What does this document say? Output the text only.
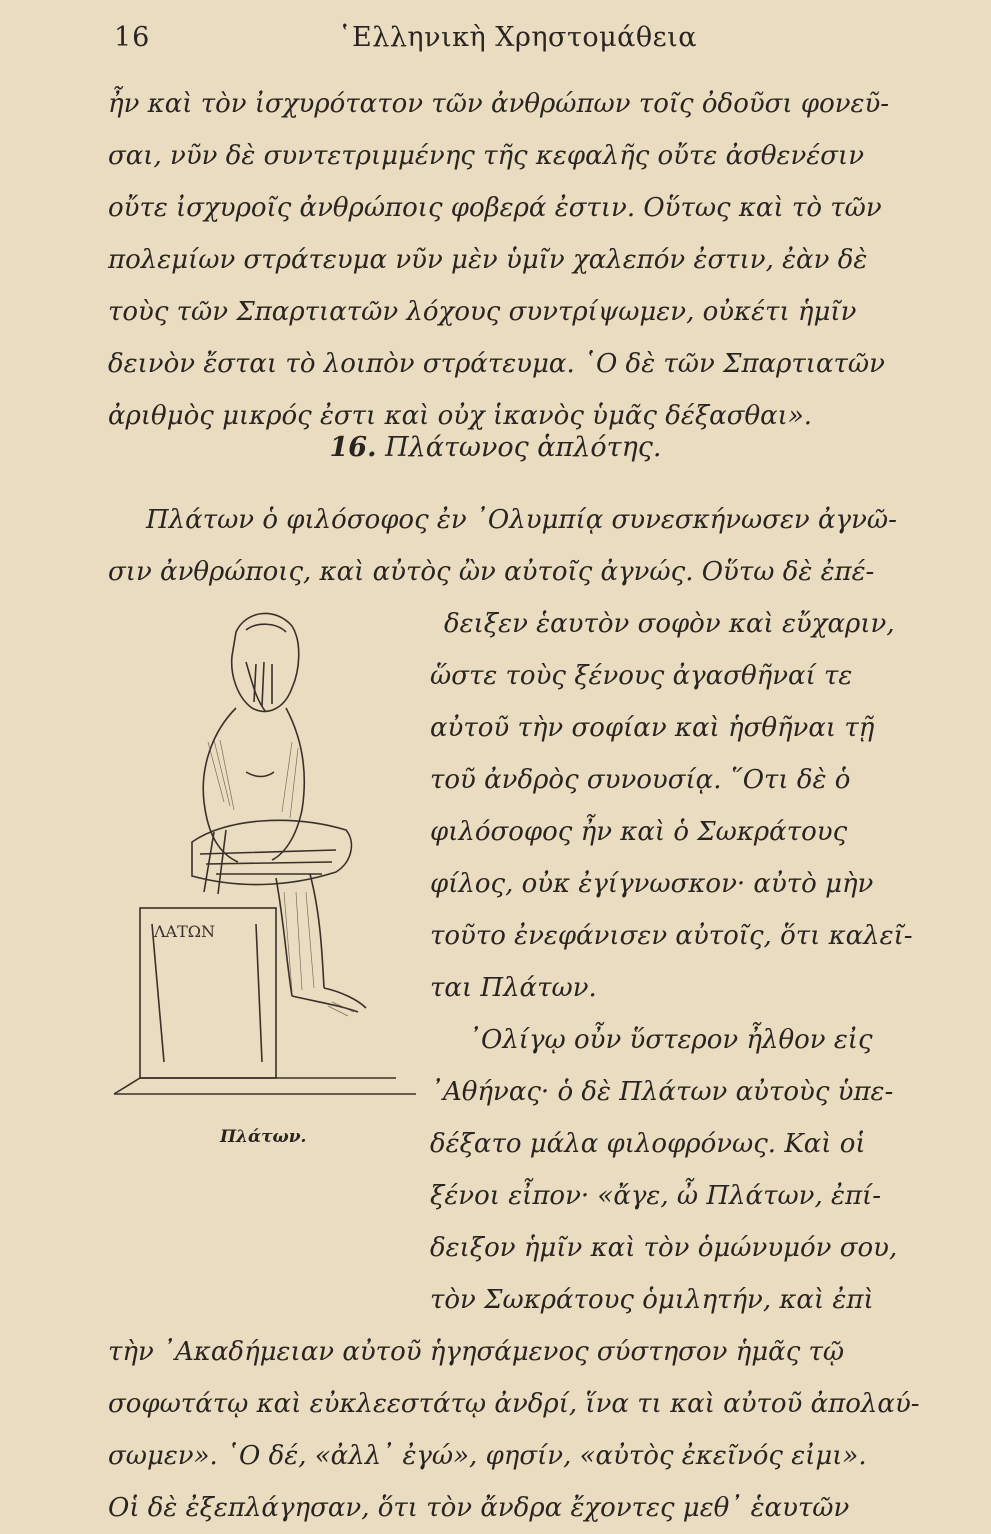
16	῾Ελληνικὴ Χρηστομάθεια
ἦν καὶ τὸν ἰσχυρότατον τῶν ἀνθρώπων τοῖς ὀδοῦσι φονεῦ-
σαι, νῦν δὲ συντετριμμένης τῆς κεφαλῆς οὔτε ἀσθενέσιν
οὔτε ἰσχυροῖς ἀνθρώποις φοβερά ἐστιν. Οὕτως καὶ τὸ τῶν
πολεμίων στράτευμα νῦν μὲν ὑμῖν χαλεπόν ἐστιν, ἐὰν δὲ
τοὺς τῶν Σπαρτιατῶν λόχους συντρίψωμεν, οὐκέτι ἡμῖν
δεινὸν ἔσται τὸ λοιπὸν στράτευμα. ῾Ο δὲ τῶν Σπαρτιατῶν
ἀριθμὸς μικρός ἐστι καὶ οὐχ ἱκανὸς ὑμᾶς δέξασθαι».
16. Πλάτωνος ἁπλότης.
Πλάτων ὁ φιλόσοφος ἐν ᾿Ολυμπίᾳ συνεσκήνωσεν ἀγνῶ-
σιν ἀνθρώποις, καὶ αὐτὸς ὢν αὐτοῖς ἀγνώς. Οὕτω δὲ ἐπέ-
δειξεν ἑαυτὸν σοφὸν καὶ εὔχαριν,
ὥστε τοὺς ξένους ἀγασθῆναί τε
αὐτοῦ τὴν σοφίαν καὶ ἡσθῆναι τῇ
τοῦ ἀνδρὸς συνουσίᾳ. ῞Οτι δὲ ὁ
φιλόσοφος ἦν καὶ ὁ Σωκράτους
φίλος, οὐκ ἐγίγνωσκον· αὐτὸ μὴν
τοῦτο ἐνεφάνισεν αὐτοῖς, ὅτι καλεῖ-
ται Πλάτων.
᾿Ολίγῳ οὖν ὕστερον ἦλθον εἰς
᾿Αθήνας· ὁ δὲ Πλάτων αὐτοὺς ὑπε-
δέξατο μάλα φιλοφρόνως. Καὶ οἱ
ξένοι εἶπον· «ἄγε, ὦ Πλάτων, ἐπί-
δειξον ἡμῖν καὶ τὸν ὁμώνυμόν σου,
τὸν Σωκράτους ὁμιλητήν, καὶ ἐπὶ
τὴν ᾿Ακαδήμειαν αὐτοῦ ἡγησάμενος σύστησον ἡμᾶς τῷ
σοφωτάτῳ καὶ εὐκλεεστάτῳ ἀνδρί, ἵνα τι καὶ αὐτοῦ ἀπολαύ-
σωμεν». ῾Ο δέ, «ἀλλ᾿ ἐγώ», φησίν, «αὐτὸς ἐκεῖνός εἰμι».
Οἱ δὲ ἐξεπλάγησαν, ὅτι τὸν ἄνδρα ἔχοντες μεθ᾿ ἑαυτῶν
ΛΑΤΩΝ
Πλάτων.
